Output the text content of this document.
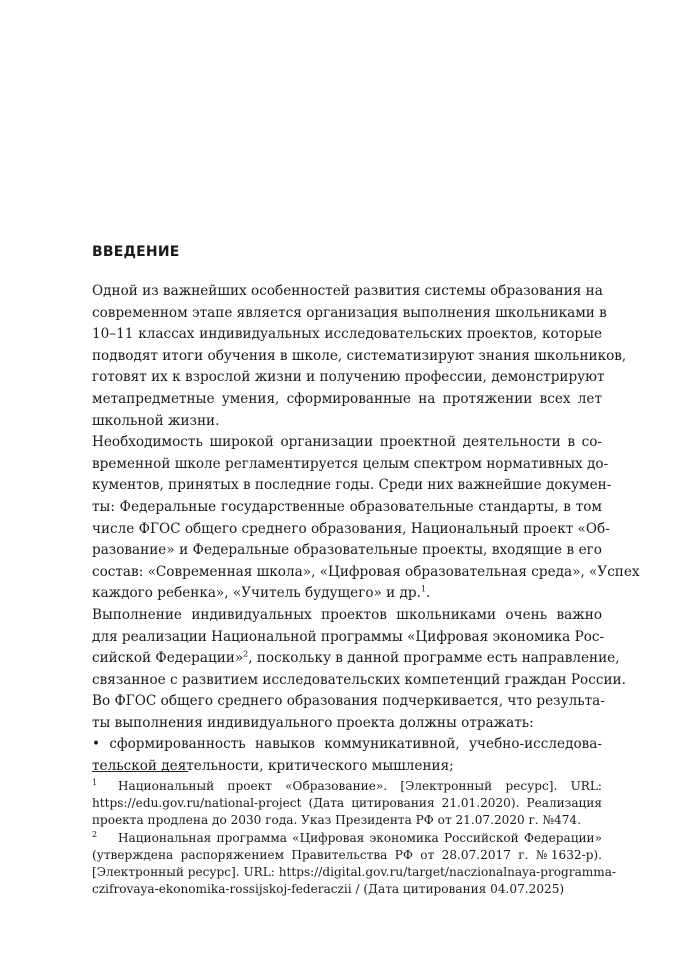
ВВЕДЕНИЕ
Одной из важнейших особенностей развития системы образования на
современном этапе является организация выполнения школьниками в
10–11 классах индивидуальных исследовательских проектов, которые
подводят итоги обучения в школе, систематизируют знания школьников,
готовят их к взрослой жизни и получению профессии, демонстрируют
метапредметные умения, сформированные на протяжении всех лет
школьной жизни.
Необходимость широкой организации проектной деятельности в со-
временной школе регламентируется целым спектром нормативных до-
кументов, принятых в последние годы. Среди них важнейшие докумен-
ты: Федеральные государственные образовательные стандарты, в том
числе ФГОС общего среднего образования, Национальный проект «Об-
разование» и Федеральные образовательные проекты, входящие в его
состав: «Современная школа», «Цифровая образовательная среда», «Успех
каждого ребенка», «Учитель будущего» и др.$^1$.
Выполнение индивидуальных проектов школьниками очень важно
для реализации Национальной программы «Цифровая экономика Рос-
сийской Федерации»$^2$, поскольку в данной программе есть направление,
связанное с развитием исследовательских компетенций граждан России.
Во ФГОС общего среднего образования подчеркивается, что результа-
ты выполнения индивидуального проекта должны отражать:
• сформированность навыков коммуникативной, учебно-исследова-
тельской деятельности, критического мышления;
1 Национальный проект «Образование». [Электронный ресурс]. URL:
https://edu.gov.ru/national-project (Дата цитирования 21.01.2020). Реализация
проекта продлена до 2030 года. Указ Президента РФ от 21.07.2020 г. №474.
2 Национальная программа «Цифровая экономика Российской Федерации»
(утверждена распоряжением Правительства РФ от 28.07.2017 г. №1632-р).
[Электронный ресурс]. URL: https://digital.gov.ru/target/naczionalnaya-programma-
czifrovaya-ekonomika-rossijskoj-federaczii / (Дата цитирования 04.07.2025)
